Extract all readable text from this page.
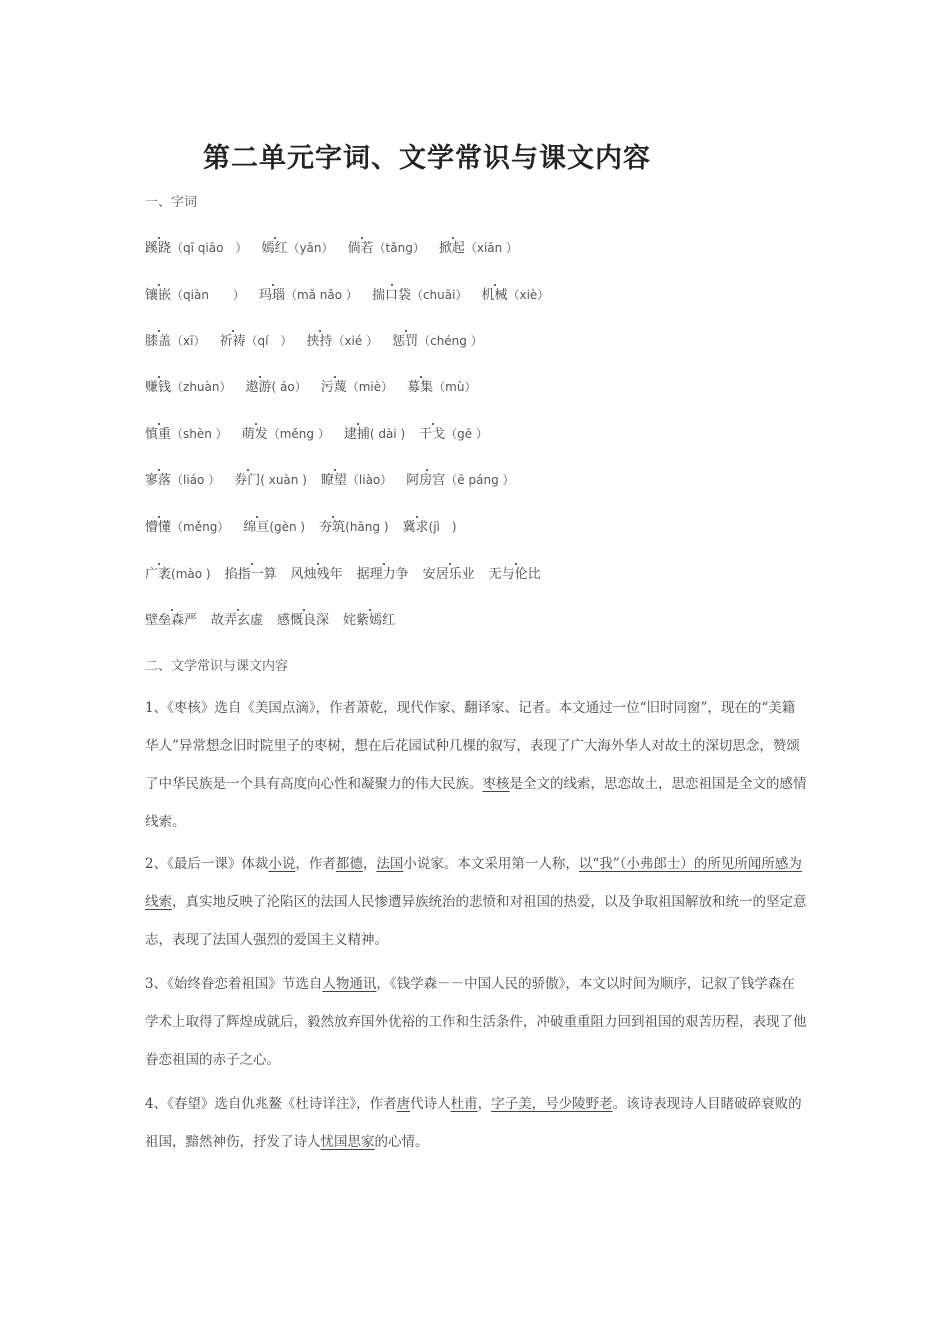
第二单元字词、文学常识与课文内容
一、字词
蹊跷（qī qiāo　） 嫣红（yān） 倘若（tǎng） 掀起（xiān ）
镶嵌（qiàn　　） 玛瑙（mǎ nǎo ） 揣口袋（chuāi） 机械（xiè）
膝盖（xī） 祈祷（qí　） 挟持（xié ） 惩罚（chéng ）
赚钱（zhuàn） 遨游( áo） 污蔑（miè） 募集（mù）
慎重（shèn ） 萌发（měng ） 逮捕( dài ) 干戈（gē ）
寥落（liáo ） 券门( xuàn ) 瞭望（liào） 阿房宫（ē páng ）
懵懂（měng） 绵亘(gèn ) 夯筑(hāng ) 冀求(jì　)
广袤(mào ) 掐指一算 风烛残年 据理力争 安居乐业 无与伦比
壁垒森严 故弄玄虚 感慨良深 姹紫嫣红
二、文学常识与课文内容

1、《枣核》选自《美国点滴》，作者萧乾，现代作家、翻译家、记者。本文通过一位“旧时同窗”，现在的“美籍华人”异常想念旧时院里子的枣树，想在后花园试种几棵的叙写，表现了广大海外华人对故土的深切思念，赞颂了中华民族是一个具有高度向心性和凝聚力的伟大民族。枣核是全文的线索，思恋故土，思恋祖国是全文的感情线索。

2、《最后一课》体裁小说，作者都德，法国小说家。本文采用第一人称，以“我”（小弗郎士）的所见所闻所感为线索，真实地反映了沦陷区的法国人民惨遭异族统治的悲愤和对祖国的热爱，以及争取祖国解放和统一的坚定意志，表现了法国人强烈的爱国主义精神。

3、《始终眷恋着祖国》节选自人物通讯，《钱学森－－中国人民的骄傲》，本文以时间为顺序，记叙了钱学森在学术上取得了辉煌成就后，毅然放弃国外优裕的工作和生活条件，冲破重重阻力回到祖国的艰苦历程，表现了他眷恋祖国的赤子之心。

4、《春望》选自仇兆鳌《杜诗详注》，作者唐代诗人杜甫，字子美，号少陵野老。该诗表现诗人目睹破碎衰败的祖国，黯然神伤，抒发了诗人忧国思家的心情。
